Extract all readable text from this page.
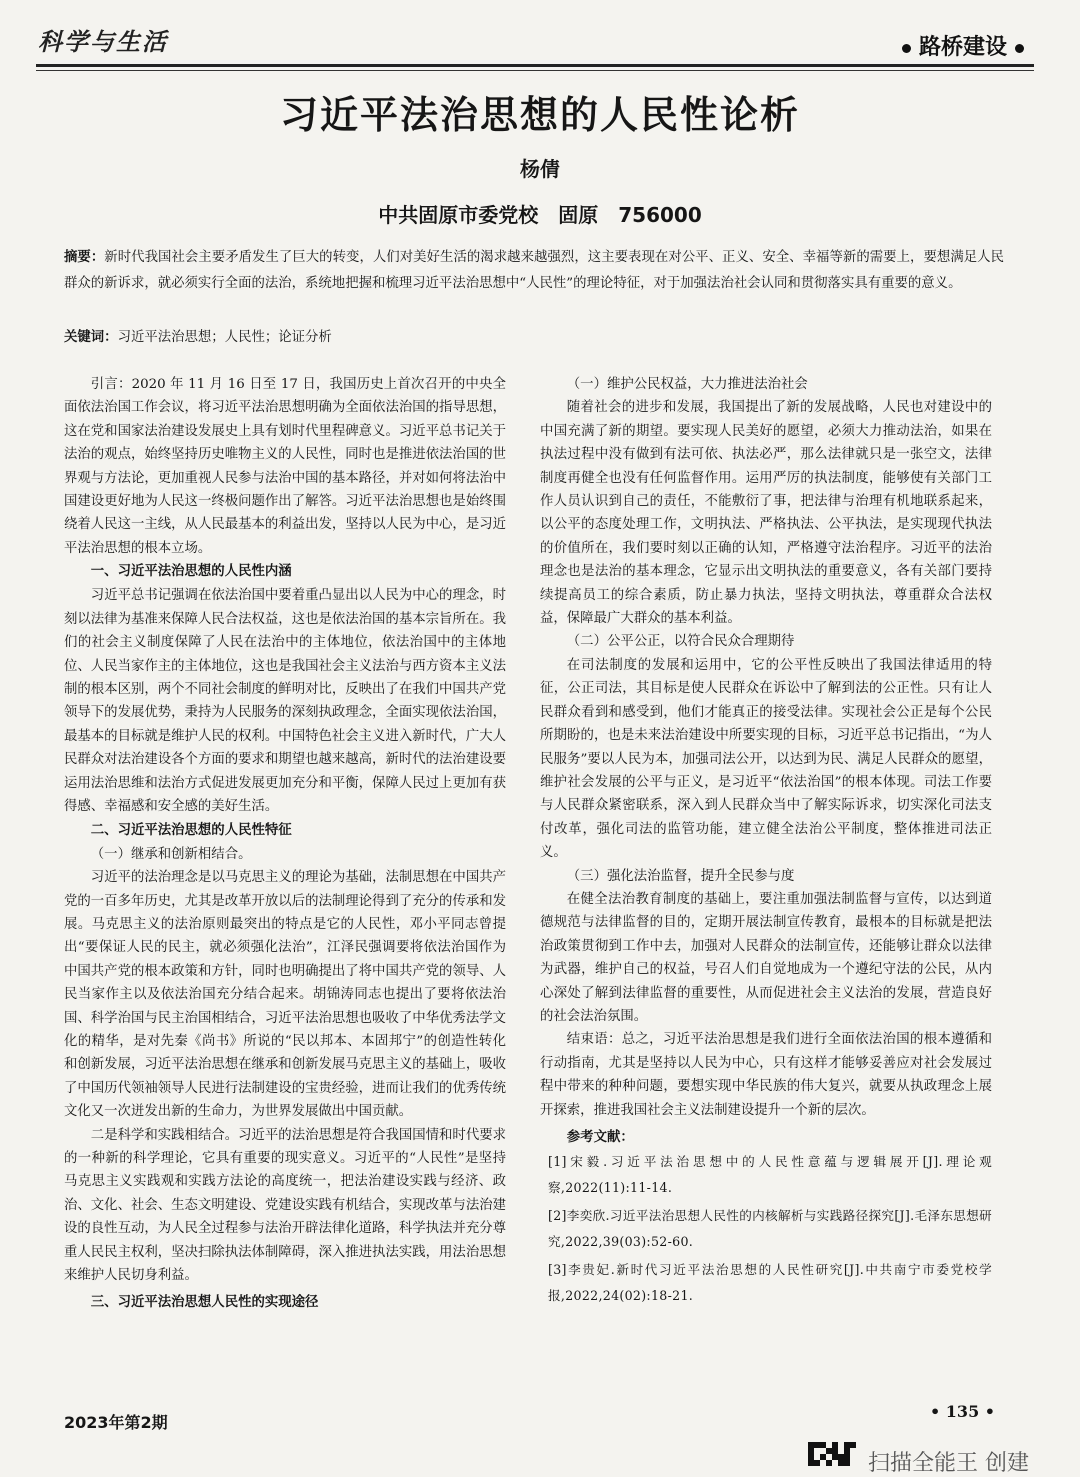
科学与生活	路桥建设
习近平法治思想的人民性论析
杨倩
中共固原市委党校　固原　756000
摘要：新时代我国社会主要矛盾发生了巨大的转变，人们对美好生活的渴求越来越强烈，这主要表现在对公平、正义、安全、幸福等新的需要上，要想满足人民群众的新诉求，就必须实行全面的法治，系统地把握和梳理习近平法治思想中“人民性”的理论特征，对于加强法治社会认同和贯彻落实具有重要的意义。
关键词：习近平法治思想；人民性；论证分析

引言：2020 年 11 月 16 日至 17 日，我国历史上首次召开的中央全面依法治国工作会议，将习近平法治思想明确为全面依法治国的指导思想，这在党和国家法治建设发展史上具有划时代里程碑意义。习近平总书记关于法治的观点，始终坚持历史唯物主义的人民性，同时也是推进依法治国的世界观与方法论，更加重视人民参与法治中国的基本路径，并对如何将法治中国建设更好地为人民这一终极问题作出了解答。习近平法治思想也是始终围绕着人民这一主线，从人民最基本的利益出发，坚持以人民为中心，是习近平法治思想的根本立场。

一、习近平法治思想的人民性内涵

习近平总书记强调在依法治国中要着重凸显出以人民为中心的理念，时刻以法律为基准来保障人民合法权益，这也是依法治国的基本宗旨所在。我们的社会主义制度保障了人民在法治中的主体地位，依法治国中的主体地位、人民当家作主的主体地位，这也是我国社会主义法治与西方资本主义法制的根本区别，两个不同社会制度的鲜明对比，反映出了在我们中国共产党领导下的发展优势，秉持为人民服务的深刻执政理念，全面实现依法治国，最基本的目标就是维护人民的权利。中国特色社会主义进入新时代，广大人民群众对法治建设各个方面的要求和期望也越来越高，新时代的法治建设要运用法治思维和法治方式促进发展更加充分和平衡，保障人民过上更加有获得感、幸福感和安全感的美好生活。

二、习近平法治思想的人民性特征
（一）继承和创新相结合。

习近平的法治理念是以马克思主义的理论为基础，法制思想在中国共产党的一百多年历史，尤其是改革开放以后的法制理论得到了充分的传承和发展。马克思主义的法治原则最突出的特点是它的人民性，邓小平同志曾提出“要保证人民的民主，就必须强化法治”，江泽民强调要将依法治国作为中国共产党的根本政策和方针，同时也明确提出了将中国共产党的领导、人民当家作主以及依法治国充分结合起来。胡锦涛同志也提出了要将依法治国、科学治国与民主治国相结合，习近平法治思想也吸收了中华优秀法学文化的精华，是对先秦《尚书》所说的“民以邦本、本固邦宁”的创造性转化和创新发展，习近平法治思想在继承和创新发展马克思主义的基础上，吸收了中国历代领袖领导人民进行法制建设的宝贵经验，进而让我们的优秀传统文化又一次迸发出新的生命力，为世界发展做出中国贡献。

二是科学和实践相结合。习近平的法治思想是符合我国国情和时代要求的一种新的科学理论，它具有重要的现实意义。习近平的“人民性”是坚持马克思主义实践观和实践方法论的高度统一，把法治建设实践与经济、政治、文化、社会、生态文明建设、党建设实践有机结合，实现改革与法治建设的良性互动，为人民全过程参与法治开辟法律化道路，科学执法并充分尊重人民民主权利，坚决扫除执法体制障碍，深入推进执法实践，用法治思想来维护人民切身利益。

三、习近平法治思想人民性的实现途径
（一）维护公民权益，大力推进法治社会

随着社会的进步和发展，我国提出了新的发展战略，人民也对建设中的中国充满了新的期望。要实现人民美好的愿望，必须大力推动法治，如果在执法过程中没有做到有法可依、执法必严，那么法律就只是一张空文，法律制度再健全也没有任何监督作用。运用严厉的执法制度，能够使有关部门工作人员认识到自己的责任，不能敷衍了事，把法律与治理有机地联系起来，以公平的态度处理工作，文明执法、严格执法、公平执法，是实现现代执法的价值所在，我们要时刻以正确的认知，严格遵守法治程序。习近平的法治理念也是法治的基本理念，它显示出文明执法的重要意义，各有关部门要持续提高员工的综合素质，防止暴力执法，坚持文明执法，尊重群众合法权益，保障最广大群众的基本利益。

（二）公平公正，以符合民众合理期待

在司法制度的发展和运用中，它的公平性反映出了我国法律适用的特征，公正司法，其目标是使人民群众在诉讼中了解到法的公正性。只有让人民群众看到和感受到，他们才能真正的接受法律。实现社会公正是每个公民所期盼的，也是未来法治建设中所要实现的目标，习近平总书记指出，“为人民服务”要以人民为本，加强司法公开，以达到为民、满足人民群众的愿望，维护社会发展的公平与正义，是习近平“依法治国”的根本体现。司法工作要与人民群众紧密联系，深入到人民群众当中了解实际诉求，切实深化司法支付改革，强化司法的监管功能，建立健全法治公平制度，整体推进司法正义。

（三）强化法治监督，提升全民参与度

在健全法治教育制度的基础上，要注重加强法制监督与宣传，以达到道德规范与法律监督的目的，定期开展法制宣传教育，最根本的目标就是把法治政策贯彻到工作中去，加强对人民群众的法制宣传，还能够让群众以法律为武器，维护自己的权益，号召人们自觉地成为一个遵纪守法的公民，从内心深处了解到法律监督的重要性，从而促进社会主义法治的发展，营造良好的社会法治氛围。

结束语：总之，习近平法治思想是我们进行全面依法治国的根本遵循和行动指南，尤其是坚持以人民为中心，只有这样才能够妥善应对社会发展过程中带来的种种问题，要想实现中华民族的伟大复兴，就要从执政理念上展开探索，推进我国社会主义法制建设提升一个新的层次。

参考文献：

[1]宋毅.习近平法治思想中的人民性意蕴与逻辑展开[J].理论观察,2022(11):11-14.

[2]李奕欣.习近平法治思想人民性的内核解析与实践路径探究[J].毛泽东思想研究,2022,39(03):52-60.

[3]李贵妃.新时代习近平法治思想的人民性研究[J].中共南宁市委党校学报,2022,24(02):18-21.

2023年第2期
• 135 •
扫描全能王 创建
